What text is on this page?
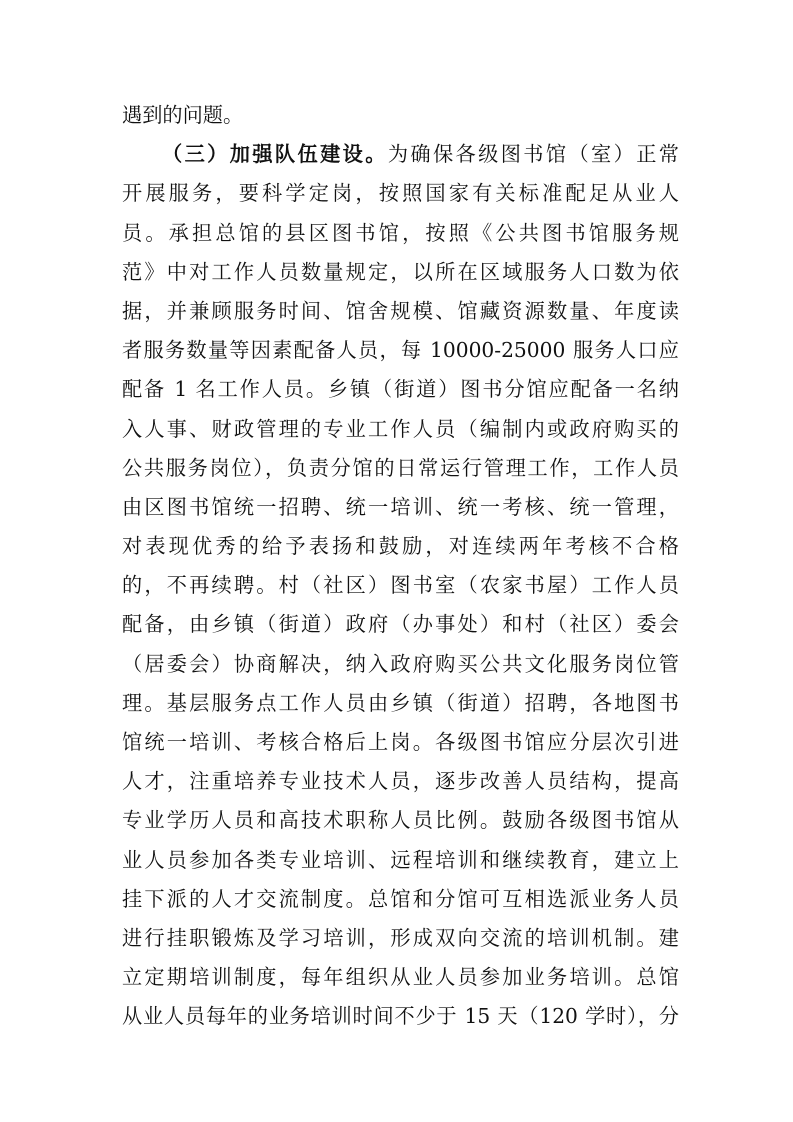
遇到的问题。
（三）加强队伍建设。为确保各级图书馆（室）正常
开展服务，要科学定岗，按照国家有关标准配足从业人
员。承担总馆的县区图书馆，按照《公共图书馆服务规
范》中对工作人员数量规定，以所在区域服务人口数为依
据，并兼顾服务时间、馆舍规模、馆藏资源数量、年度读
者服务数量等因素配备人员，每 10000-25000 服务人口应
配备 1 名工作人员。乡镇（街道）图书分馆应配备一名纳
入人事、财政管理的专业工作人员（编制内或政府购买的
公共服务岗位），负责分馆的日常运行管理工作，工作人员
由区图书馆统一招聘、统一培训、统一考核、统一管理，
对表现优秀的给予表扬和鼓励，对连续两年考核不合格
的，不再续聘。村（社区）图书室（农家书屋）工作人员
配备，由乡镇（街道）政府（办事处）和村（社区）委会
（居委会）协商解决，纳入政府购买公共文化服务岗位管
理。基层服务点工作人员由乡镇（街道）招聘，各地图书
馆统一培训、考核合格后上岗。各级图书馆应分层次引进
人才，注重培养专业技术人员，逐步改善人员结构，提高
专业学历人员和高技术职称人员比例。鼓励各级图书馆从
业人员参加各类专业培训、远程培训和继续教育，建立上
挂下派的人才交流制度。总馆和分馆可互相选派业务人员
进行挂职锻炼及学习培训，形成双向交流的培训机制。建
立定期培训制度，每年组织从业人员参加业务培训。总馆
从业人员每年的业务培训时间不少于 15 天（120 学时），分
